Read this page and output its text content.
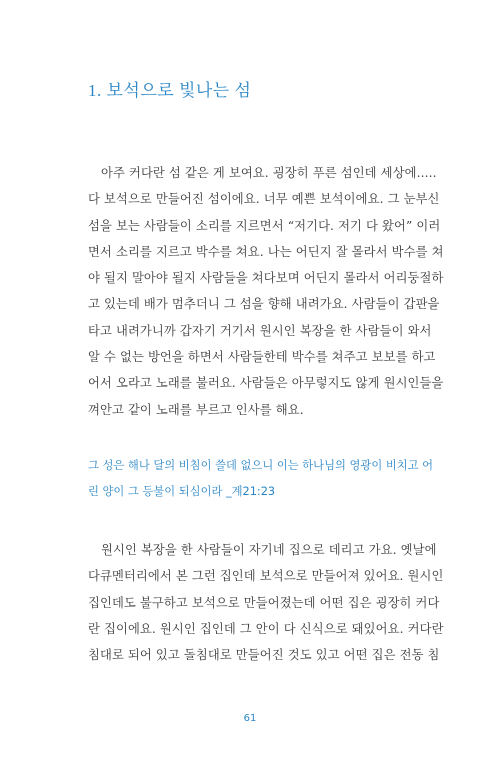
1. 보석으로 빛나는 섬
아주 커다란 섬 같은 게 보여요. 굉장히 푸른 섬인데 세상에.....
다 보석으로 만들어진 섬이에요. 너무 예쁜 보석이에요. 그 눈부신
섬을 보는 사람들이 소리를 지르면서 “저기다. 저기 다 왔어” 이러
면서 소리를 지르고 박수를 쳐요. 나는 어딘지 잘 몰라서 박수를 쳐
야 될지 말아야 될지 사람들을 쳐다보며 어딘지 몰라서 어리둥절하
고 있는데 배가 멈추더니 그 섬을 향해 내려가요. 사람들이 갑판을
타고 내려가니까 갑자기 거기서 원시인 복장을 한 사람들이 와서
알 수 없는 방언을 하면서 사람들한테 박수를 쳐주고 보보를 하고
어서 오라고 노래를 불러요. 사람들은 아무렇지도 않게 원시인들을
껴안고 같이 노래를 부르고 인사를 해요.
그 성은 해나 달의 비침이 쓸데 없으니 이는 하나님의 영광이 비치고 어
린 양이 그 등불이 되심이라 _계21:23
원시인 복장을 한 사람들이 자기네 집으로 데리고 가요. 옛날에
다큐멘터리에서 본 그런 집인데 보석으로 만들어져 있어요. 원시인
집인데도 불구하고 보석으로 만들어졌는데 어떤 집은 굉장히 커다
란 집이에요. 원시인 집인데 그 안이 다 신식으로 돼있어요. 커다란
침대로 되어 있고 돌침대로 만들어진 것도 있고 어떤 집은 전동 침
61
